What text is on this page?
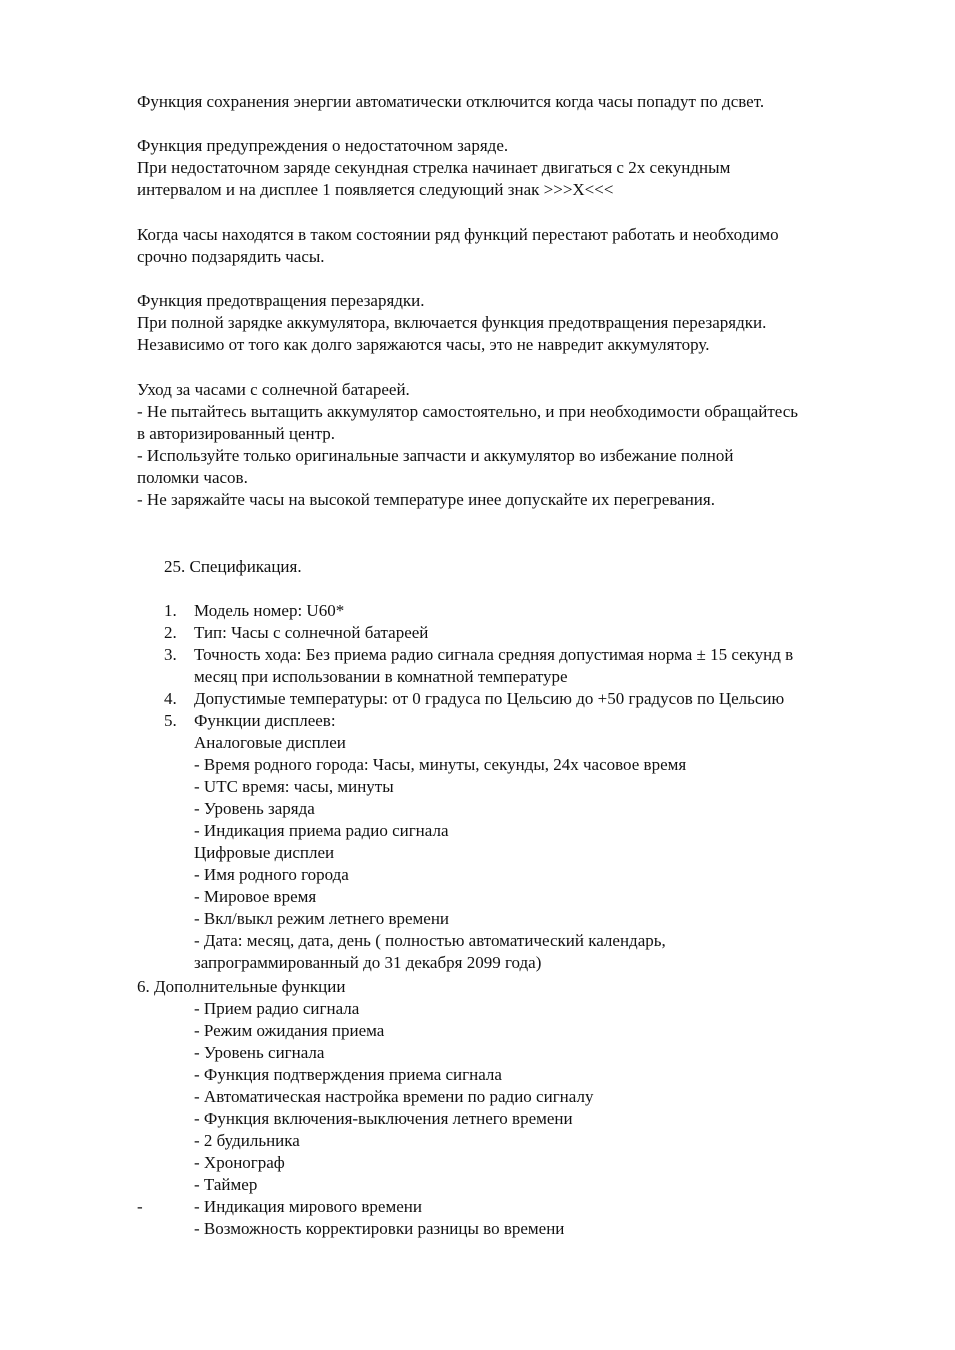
Функция сохранения энергии автоматически отключится когда часы попадут по дсвет.

Функция предупреждения о недостаточном заряде.

При недостаточном заряде секундная стрелка начинает двигаться с 2х секундным

интервалом и на дисплее 1 появляется следующий знак >>>X<<<

Когда часы находятся в таком состоянии ряд функций перестают работать и необходимо

срочно подзарядить часы.

Функция предотвращения перезарядки.

При полной зарядке аккумулятора, включается функция предотвращения перезарядки.

Независимо от того как долго заряжаются часы, это не навредит аккумулятору.

Уход за часами с солнечной батареей.

- Не пытайтесь вытащить аккумулятор самостоятельно, и при необходимости обращайтесь

в авторизированный центр.

- Используйте только оригинальные запчасти и аккумулятор во избежание полной

поломки часов.

- Не заряжайте часы на высокой температуре инее допускайте их перегревания.

25. Спецификация.

1.	Модель номер: U60*
2.	Тип: Часы с солнечной батареей
3.	Точность хода: Без приема радио сигнала средняя допустимая норма ± 15 секунд в
месяц при использовании в комнатной температуре
4.	Допустимые температуры: от 0 градуса по Цельсию до +50 градусов по Цельсию
5.	Функции дисплеев:

Аналоговые дисплеи

- Время родного города: Часы, минуты, секунды, 24х часовое время

- UTC время: часы, минуты

- Уровень заряда

- Индикация приема радио сигнала

Цифровые дисплеи

- Имя родного города

- Мировое время

- Вкл/выкл режим летнего времени

- Дата: месяц, дата, день ( полностью автоматический календарь,

запрограммированный до 31 декабря 2099 года)

6. Дополнительные функции

- Прием радио сигнала

- Режим ожидания приема

- Уровень сигнала

- Функция подтверждения приема сигнала

- Автоматическая настройка времени по радио сигналу

- Функция включения-выключения летнего времени

- 2 будильника

- Хронограф

- Таймер

- Индикация мирового времени

- Возможность корректировки разницы во времени

-
